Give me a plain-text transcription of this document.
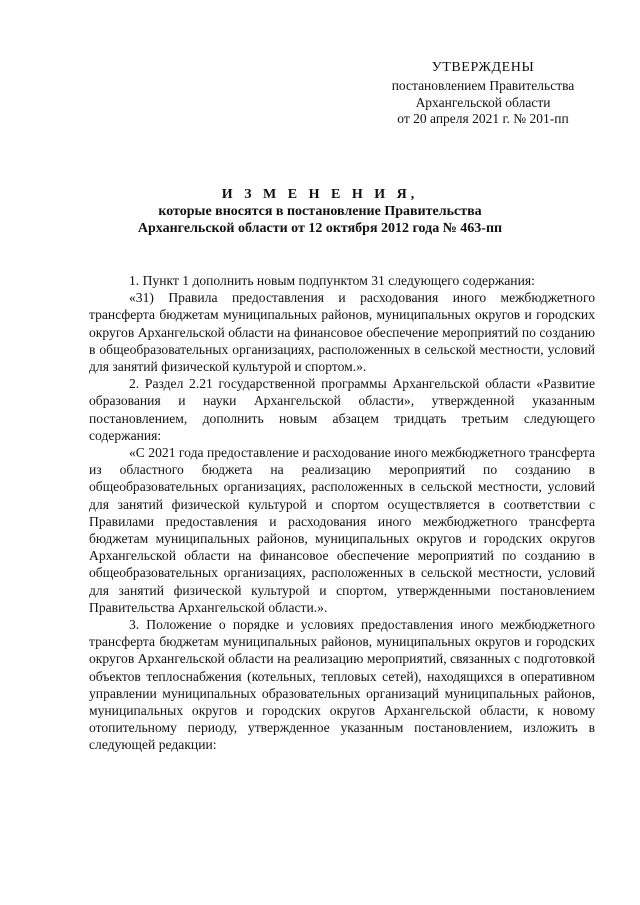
УТВЕРЖДЕНЫ
постановлением Правительства
Архангельской области
от 20 апреля 2021 г. № 201-пп
И З М Е Н Е Н И Я,
которые вносятся в постановление Правительства
Архангельской области от 12 октября 2012 года № 463-пп

1. Пункт 1 дополнить новым подпунктом 31 следующего содержания:

«31) Правила предоставления и расходования иного межбюджетного трансферта бюджетам муниципальных районов, муниципальных округов и городских округов Архангельской области на финансовое обеспечение мероприятий по созданию в общеобразовательных организациях, расположенных в сельской местности, условий для занятий физической культурой и спортом.».

2. Раздел 2.21 государственной программы Архангельской области «Развитие образования и науки Архангельской области», утвержденной указанным постановлением, дополнить новым абзацем тридцать третьим следующего содержания:

«С 2021 года предоставление и расходование иного межбюджетного трансферта из областного бюджета на реализацию мероприятий по созданию в общеобразовательных организациях, расположенных в сельской местности, условий для занятий физической культурой и спортом осуществляется в соответствии с Правилами предоставления и расходования иного межбюджетного трансферта бюджетам муниципальных районов, муниципальных округов и городских округов Архангельской области на финансовое обеспечение мероприятий по созданию в общеобразовательных организациях, расположенных в сельской местности, условий для занятий физической культурой и спортом, утвержденными постановлением Правительства Архангельской области.».

3. Положение о порядке и условиях предоставления иного межбюджетного трансферта бюджетам муниципальных районов, муниципальных округов и городских округов Архангельской области на реализацию мероприятий, связанных с подготовкой объектов теплоснабжения (котельных, тепловых сетей), находящихся в оперативном управлении муниципальных образовательных организаций муниципальных районов, муниципальных округов и городских округов Архангельской области, к новому отопительному периоду, утвержденное указанным постановлением, изложить в следующей редакции:
